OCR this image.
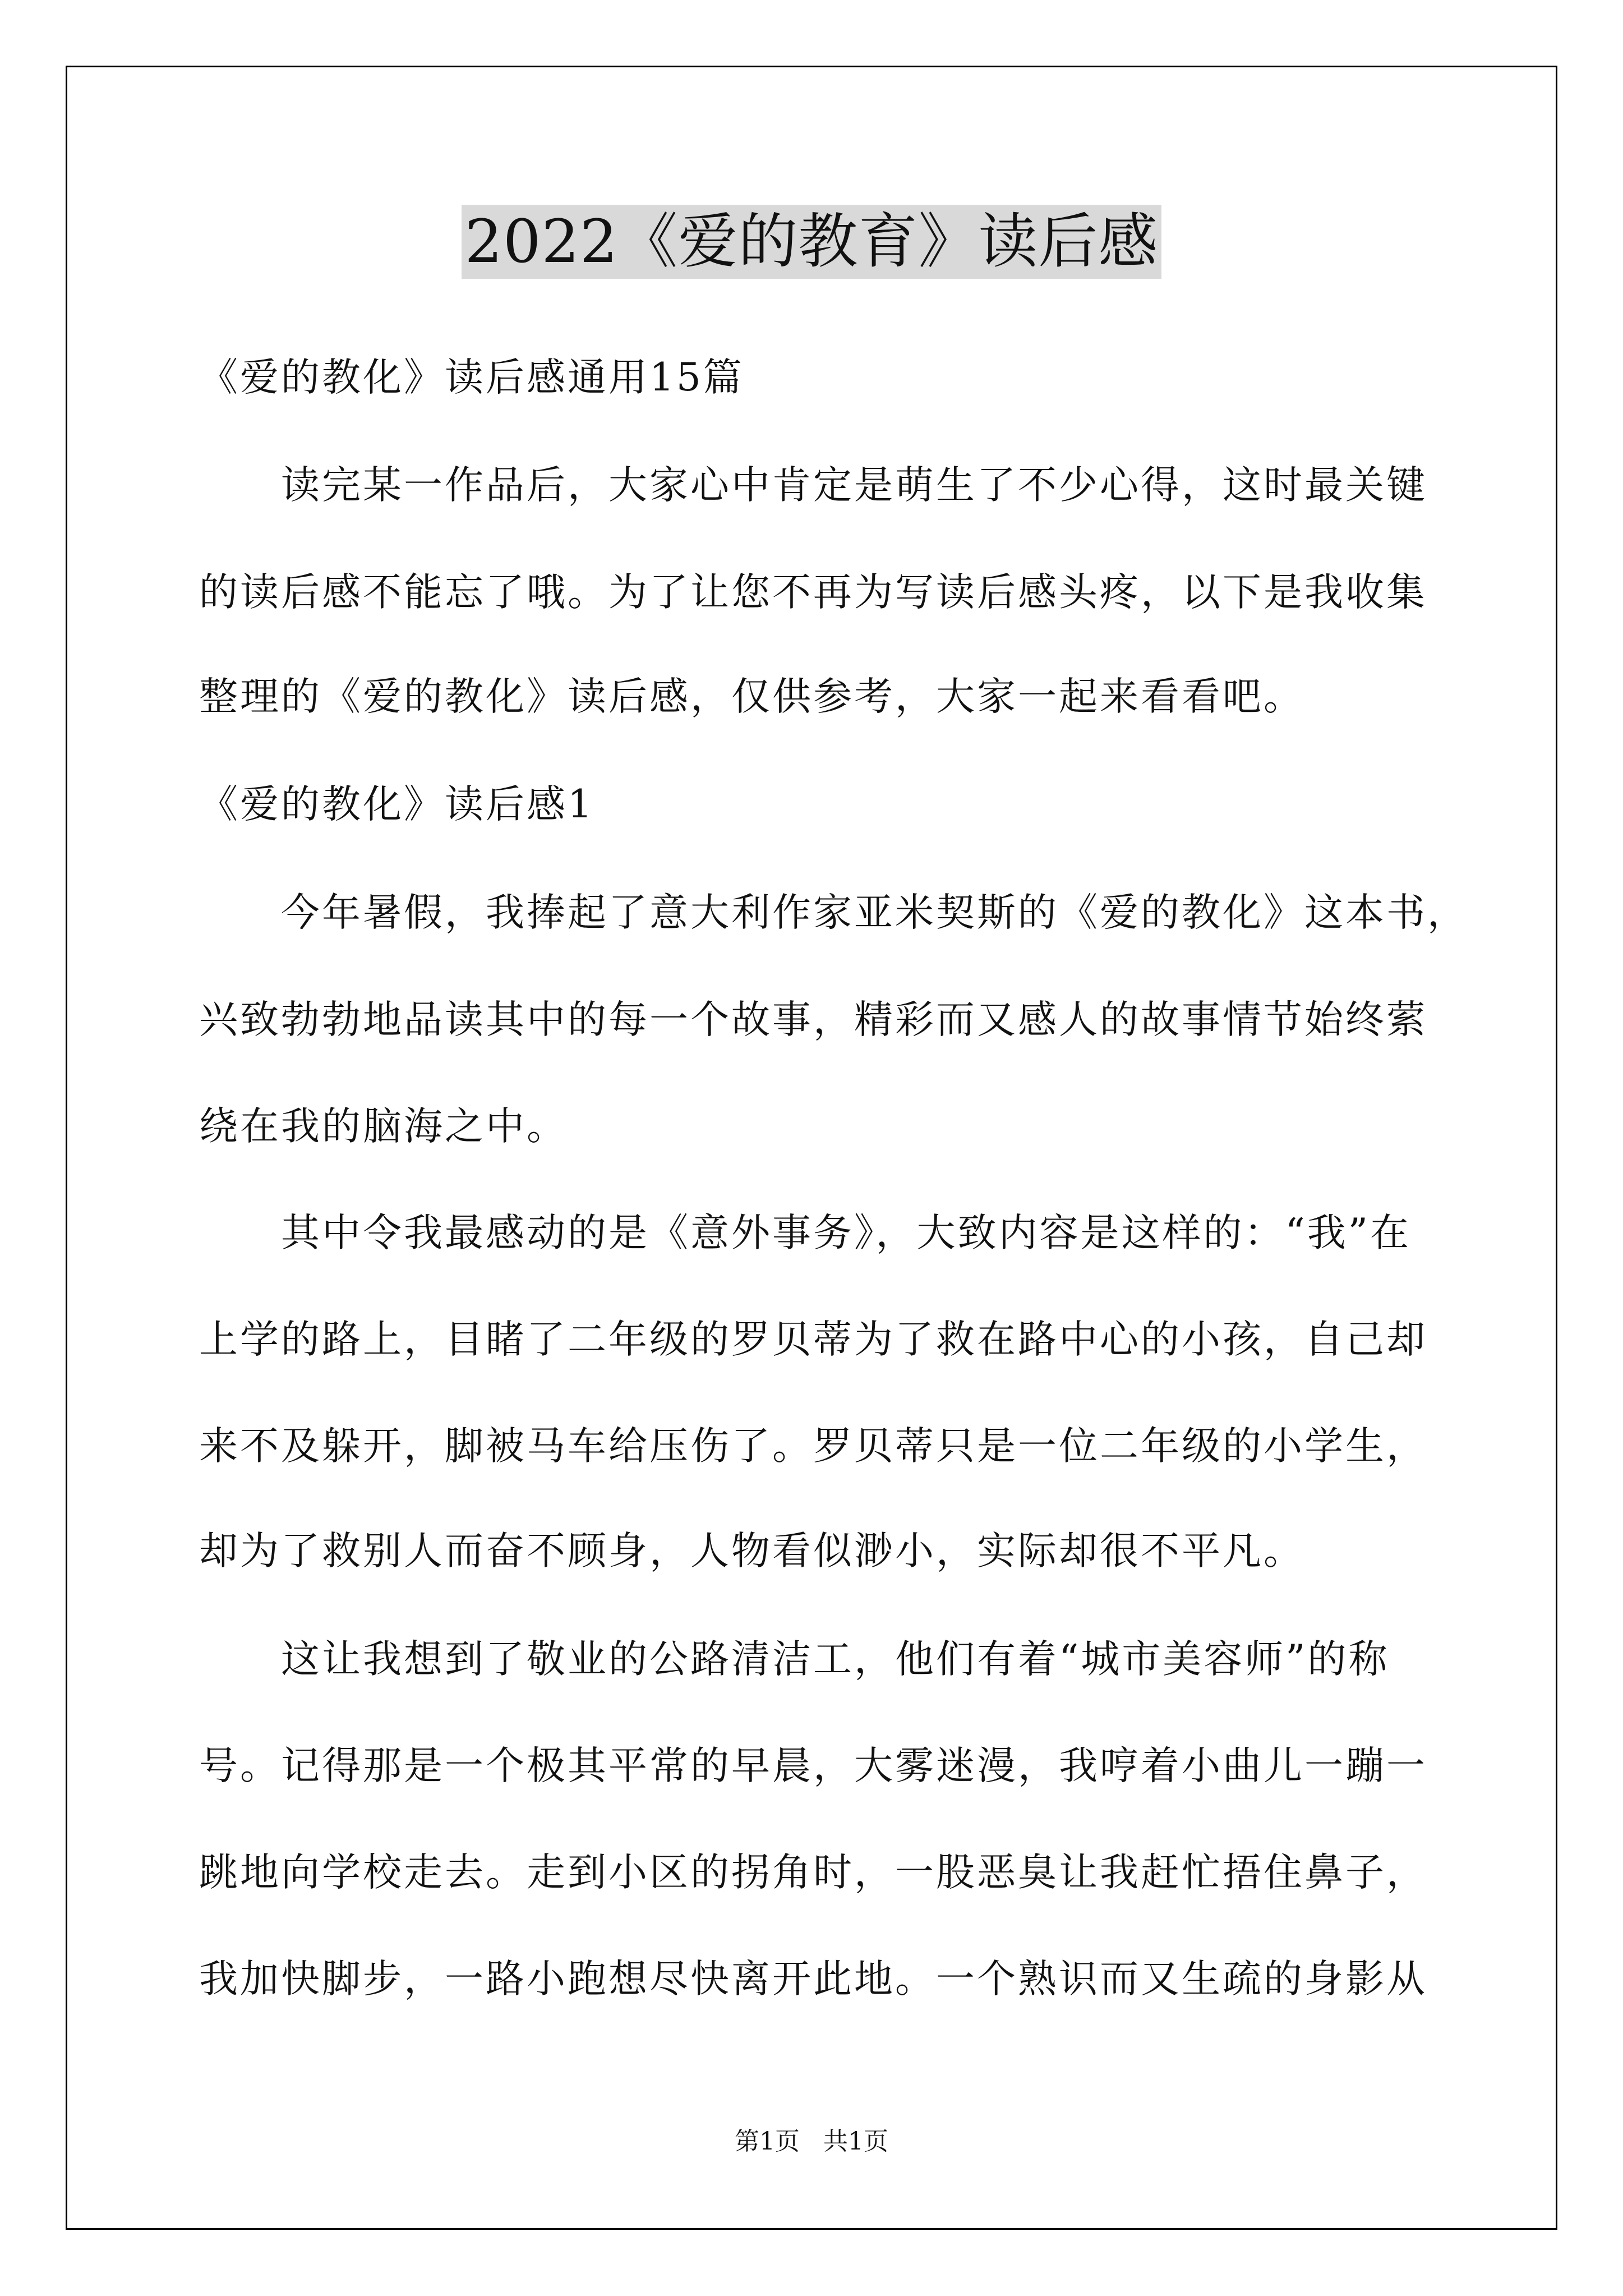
2022《爱的教育》读后感
《爱的教化》读后感通用15篇
　　读完某一作品后，大家心中肯定是萌生了不少心得，这时最关键
的读后感不能忘了哦。为了让您不再为写读后感头疼，以下是我收集
整理的《爱的教化》读后感，仅供参考，大家一起来看看吧。
《爱的教化》读后感1
　　今年暑假，我捧起了意大利作家亚米契斯的《爱的教化》这本书，
兴致勃勃地品读其中的每一个故事，精彩而又感人的故事情节始终萦
绕在我的脑海之中。
　　其中令我最感动的是《意外事务》，大致内容是这样的：“我”在
上学的路上，目睹了二年级的罗贝蒂为了救在路中心的小孩，自己却
来不及躲开，脚被马车给压伤了。罗贝蒂只是一位二年级的小学生，
却为了救别人而奋不顾身，人物看似渺小，实际却很不平凡。
　　这让我想到了敬业的公路清洁工，他们有着“城市美容师”的称
号。记得那是一个极其平常的早晨，大雾迷漫，我哼着小曲儿一蹦一
跳地向学校走去。走到小区的拐角时，一股恶臭让我赶忙捂住鼻子，
我加快脚步，一路小跑想尽快离开此地。一个熟识而又生疏的身影从
第1页   共1页
